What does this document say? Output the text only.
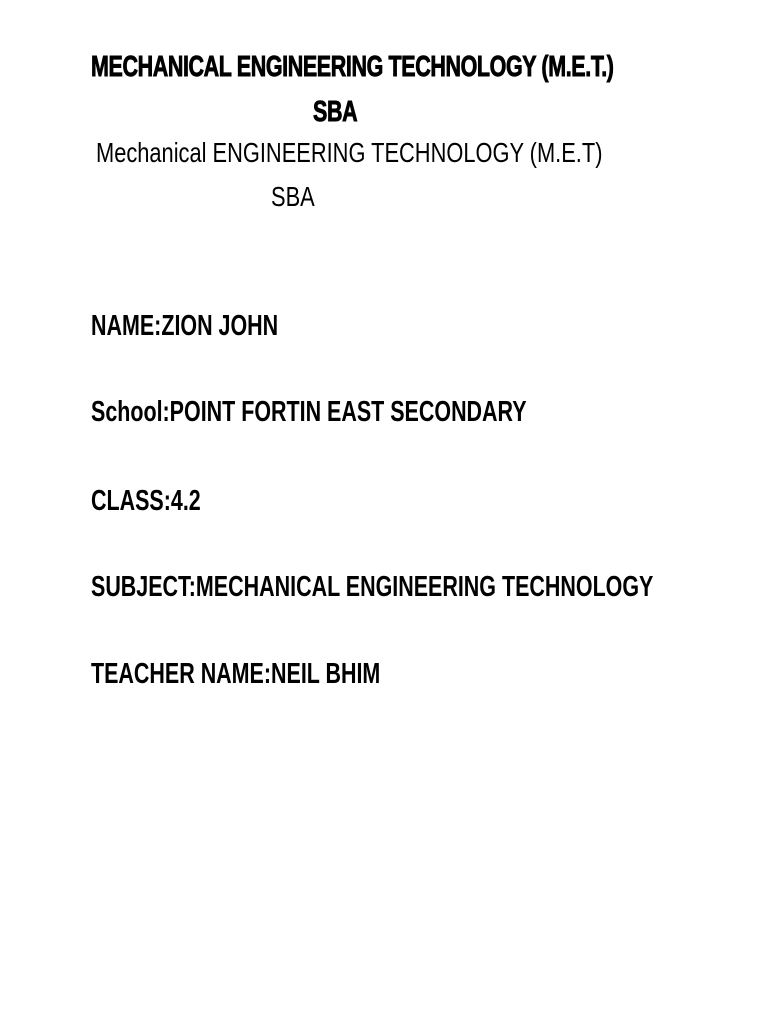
MECHANICAL ENGINEERING TECHNOLOGY (M.E.T.)
SBA
Mechanical ENGINEERING TECHNOLOGY (M.E.T)
SBA
NAME:ZION JOHN
School:POINT FORTIN EAST SECONDARY
CLASS:4.2
SUBJECT:MECHANICAL ENGINEERING TECHNOLOGY
TEACHER NAME:NEIL BHIM
